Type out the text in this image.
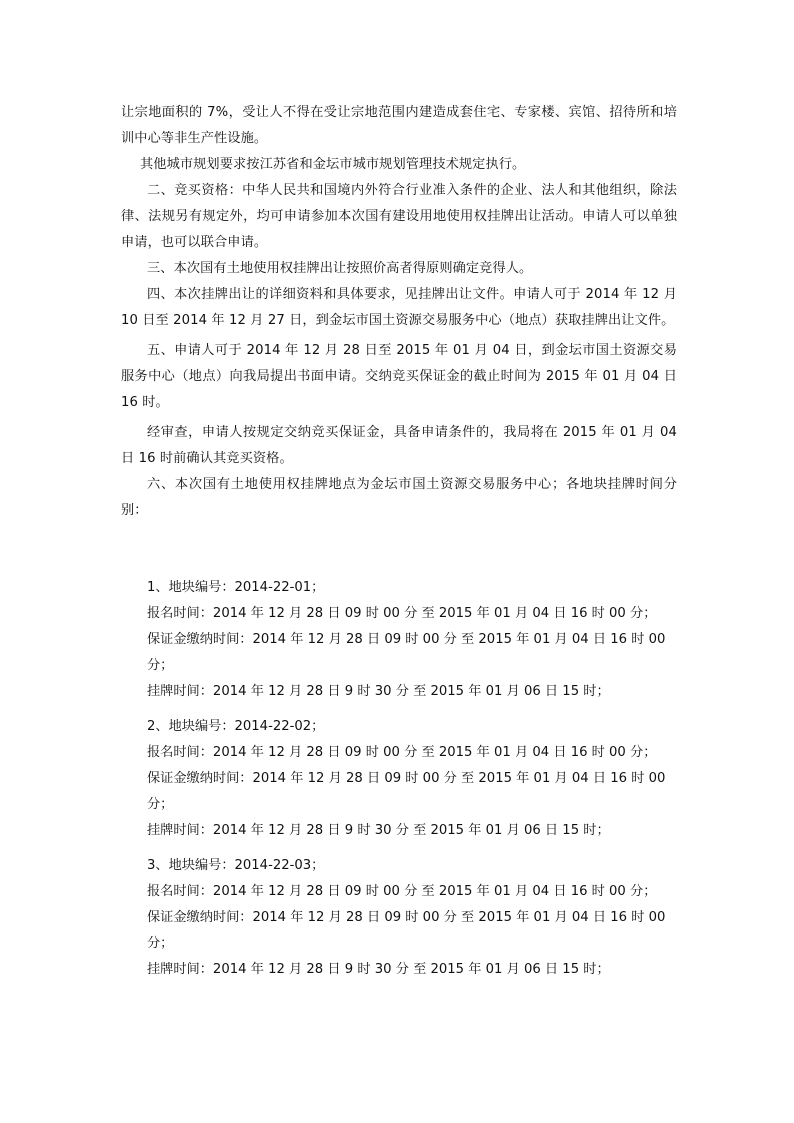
让宗地面积的 7%，受让人不得在受让宗地范围内建造成套住宅、专家楼、宾馆、招待所和培训中心等非生产性设施。

其他城市规划要求按江苏省和金坛市城市规划管理技术规定执行。

二、竞买资格：中华人民共和国境内外符合行业准入条件的企业、法人和其他组织，除法律、法规另有规定外，均可申请参加本次国有建设用地使用权挂牌出让活动。申请人可以单独申请，也可以联合申请。

三、本次国有土地使用权挂牌出让按照价高者得原则确定竞得人。

四、本次挂牌出让的详细资料和具体要求，见挂牌出让文件。申请人可于 2014 年 12 月 10 日至 2014 年 12 月 27 日，到金坛市国土资源交易服务中心（地点）获取挂牌出让文件。

五、申请人可于 2014 年 12 月 28 日至 2015 年 01 月 04 日，到金坛市国土资源交易服务中心（地点）向我局提出书面申请。交纳竞买保证金的截止时间为 2015 年 01 月 04 日 16 时。

经审查，申请人按规定交纳竞买保证金，具备申请条件的，我局将在 2015 年 01 月 04 日 16 时前确认其竞买资格。

六、本次国有土地使用权挂牌地点为金坛市国土资源交易服务中心；各地块挂牌时间分别：

1、地块编号：2014-22-01；

报名时间：2014 年 12 月 28 日 09 时 00 分 至 2015 年 01 月 04 日 16 时 00 分；

保证金缴纳时间：2014 年 12 月 28 日 09 时 00 分 至 2015 年 01 月 04 日 16 时 00 分；

挂牌时间：2014 年 12 月 28 日 9 时 30 分 至 2015 年 01 月 06 日 15 时；

2、地块编号：2014-22-02；

报名时间：2014 年 12 月 28 日 09 时 00 分 至 2015 年 01 月 04 日 16 时 00 分；

保证金缴纳时间：2014 年 12 月 28 日 09 时 00 分 至 2015 年 01 月 04 日 16 时 00 分；

挂牌时间：2014 年 12 月 28 日 9 时 30 分 至 2015 年 01 月 06 日 15 时；

3、地块编号：2014-22-03；

报名时间：2014 年 12 月 28 日 09 时 00 分 至 2015 年 01 月 04 日 16 时 00 分；

保证金缴纳时间：2014 年 12 月 28 日 09 时 00 分 至 2015 年 01 月 04 日 16 时 00 分；

挂牌时间：2014 年 12 月 28 日 9 时 30 分 至 2015 年 01 月 06 日 15 时；
